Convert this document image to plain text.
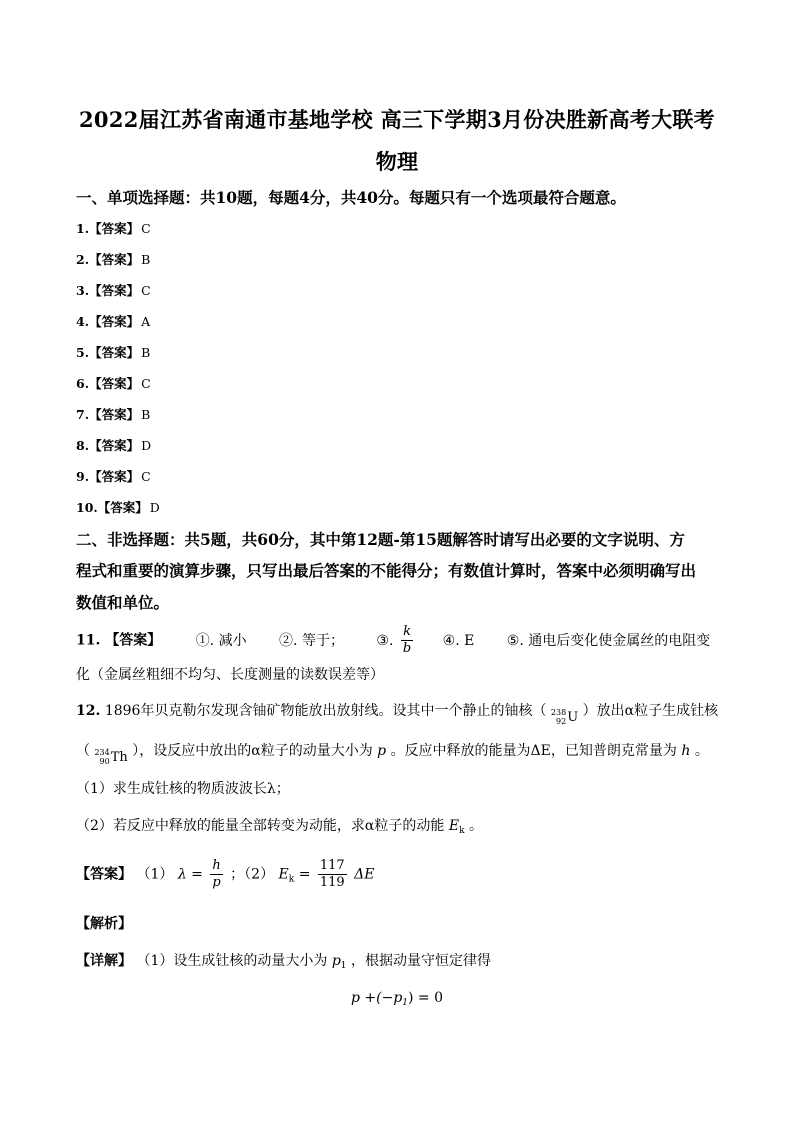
2022届江苏省南通市基地学校 高三下学期3月份决胜新高考大联考
物理
一、单项选择题：共10题，每题4分，共40分。每题只有一个选项最符合题意。
1.【答案】 C
2.【答案】 B
3.【答案】 C
4.【答案】 A
5.【答案】 B
6.【答案】 C
7.【答案】 B
8.【答案】 D
9.【答案】 C
10.【答案】 D
二、非选择题：共5题，共60分，其中第12题-第15题解答时请写出必要的文字说明、方
程式和重要的演算步骤，只写出最后答案的不能得分；有数值计算时，答案中必须明确写出
数值和单位。
11. 【答案】 ①. 减小 ②. 等于； ③. $\frac{k}{b}$ ④. E ⑤. 通电后变化使金属丝的电阻变
化（金属丝粗细不均匀、长度测量的读数误差等）
12. 1896年贝克勒尔发现含铀矿物能放出放射线。设其中一个静止的铀核（ 238
92 U ）放出α粒子生成钍核
（ 234
90 Th ），设反应中放出的α粒子的动量大小为 p 。反应中释放的能量为ΔE，已知普朗克常量为 h 。
（1）求生成钍核的物质波波长λ；
（2）若反应中释放的能量全部转变为动能，求α粒子的动能 $E_k$ 。
【答案】 （1） $\lambda = \frac{h}{p}$ ；（2） $E_k = \frac{117}{119}$ ΔE
【解析】
【详解】 （1）设生成钍核的动量大小为 $p_1$ ，根据动量守恒定律得
$p +(-p_1) = 0$
